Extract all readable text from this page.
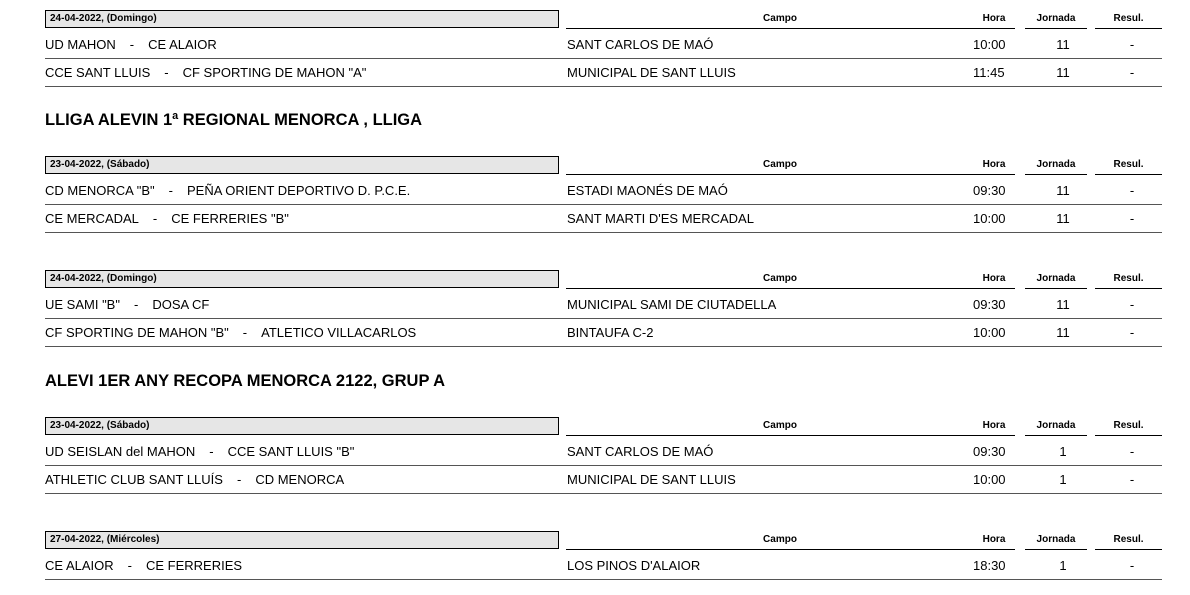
24-04-2022, (Domingo)	Campo	Hora	Jornada	Resul.
UD MAHON - CE ALAIOR	SANT CARLOS DE MAÓ	10:00	11	-
CCE SANT LLUIS - CF SPORTING DE MAHON "A"	MUNICIPAL DE SANT LLUIS	11:45	11	-
LLIGA ALEVIN 1ª REGIONAL MENORCA , LLIGA
23-04-2022, (Sábado)	Campo	Hora	Jornada	Resul.
CD MENORCA "B" - PEÑA ORIENT DEPORTIVO D. P.C.E.	ESTADI MAONÉS DE MAÓ	09:30	11	-
CE MERCADAL - CE FERRERIES "B"	SANT MARTI D'ES MERCADAL	10:00	11	-
24-04-2022, (Domingo)	Campo	Hora	Jornada	Resul.
UE SAMI "B" - DOSA CF	MUNICIPAL SAMI DE CIUTADELLA	09:30	11	-
CF SPORTING DE MAHON "B" - ATLETICO VILLACARLOS	BINTAUFA C-2	10:00	11	-
ALEVI 1ER ANY RECOPA MENORCA 2122, GRUP A
23-04-2022, (Sábado)	Campo	Hora	Jornada	Resul.
UD SEISLAN del MAHON - CCE SANT LLUIS "B"	SANT CARLOS DE MAÓ	09:30	1	-
ATHLETIC CLUB SANT LLUÍS - CD MENORCA	MUNICIPAL DE SANT LLUIS	10:00	1	-
27-04-2022, (Miércoles)	Campo	Hora	Jornada	Resul.
CE ALAIOR - CE FERRERIES	LOS PINOS D'ALAIOR	18:30	1	-
